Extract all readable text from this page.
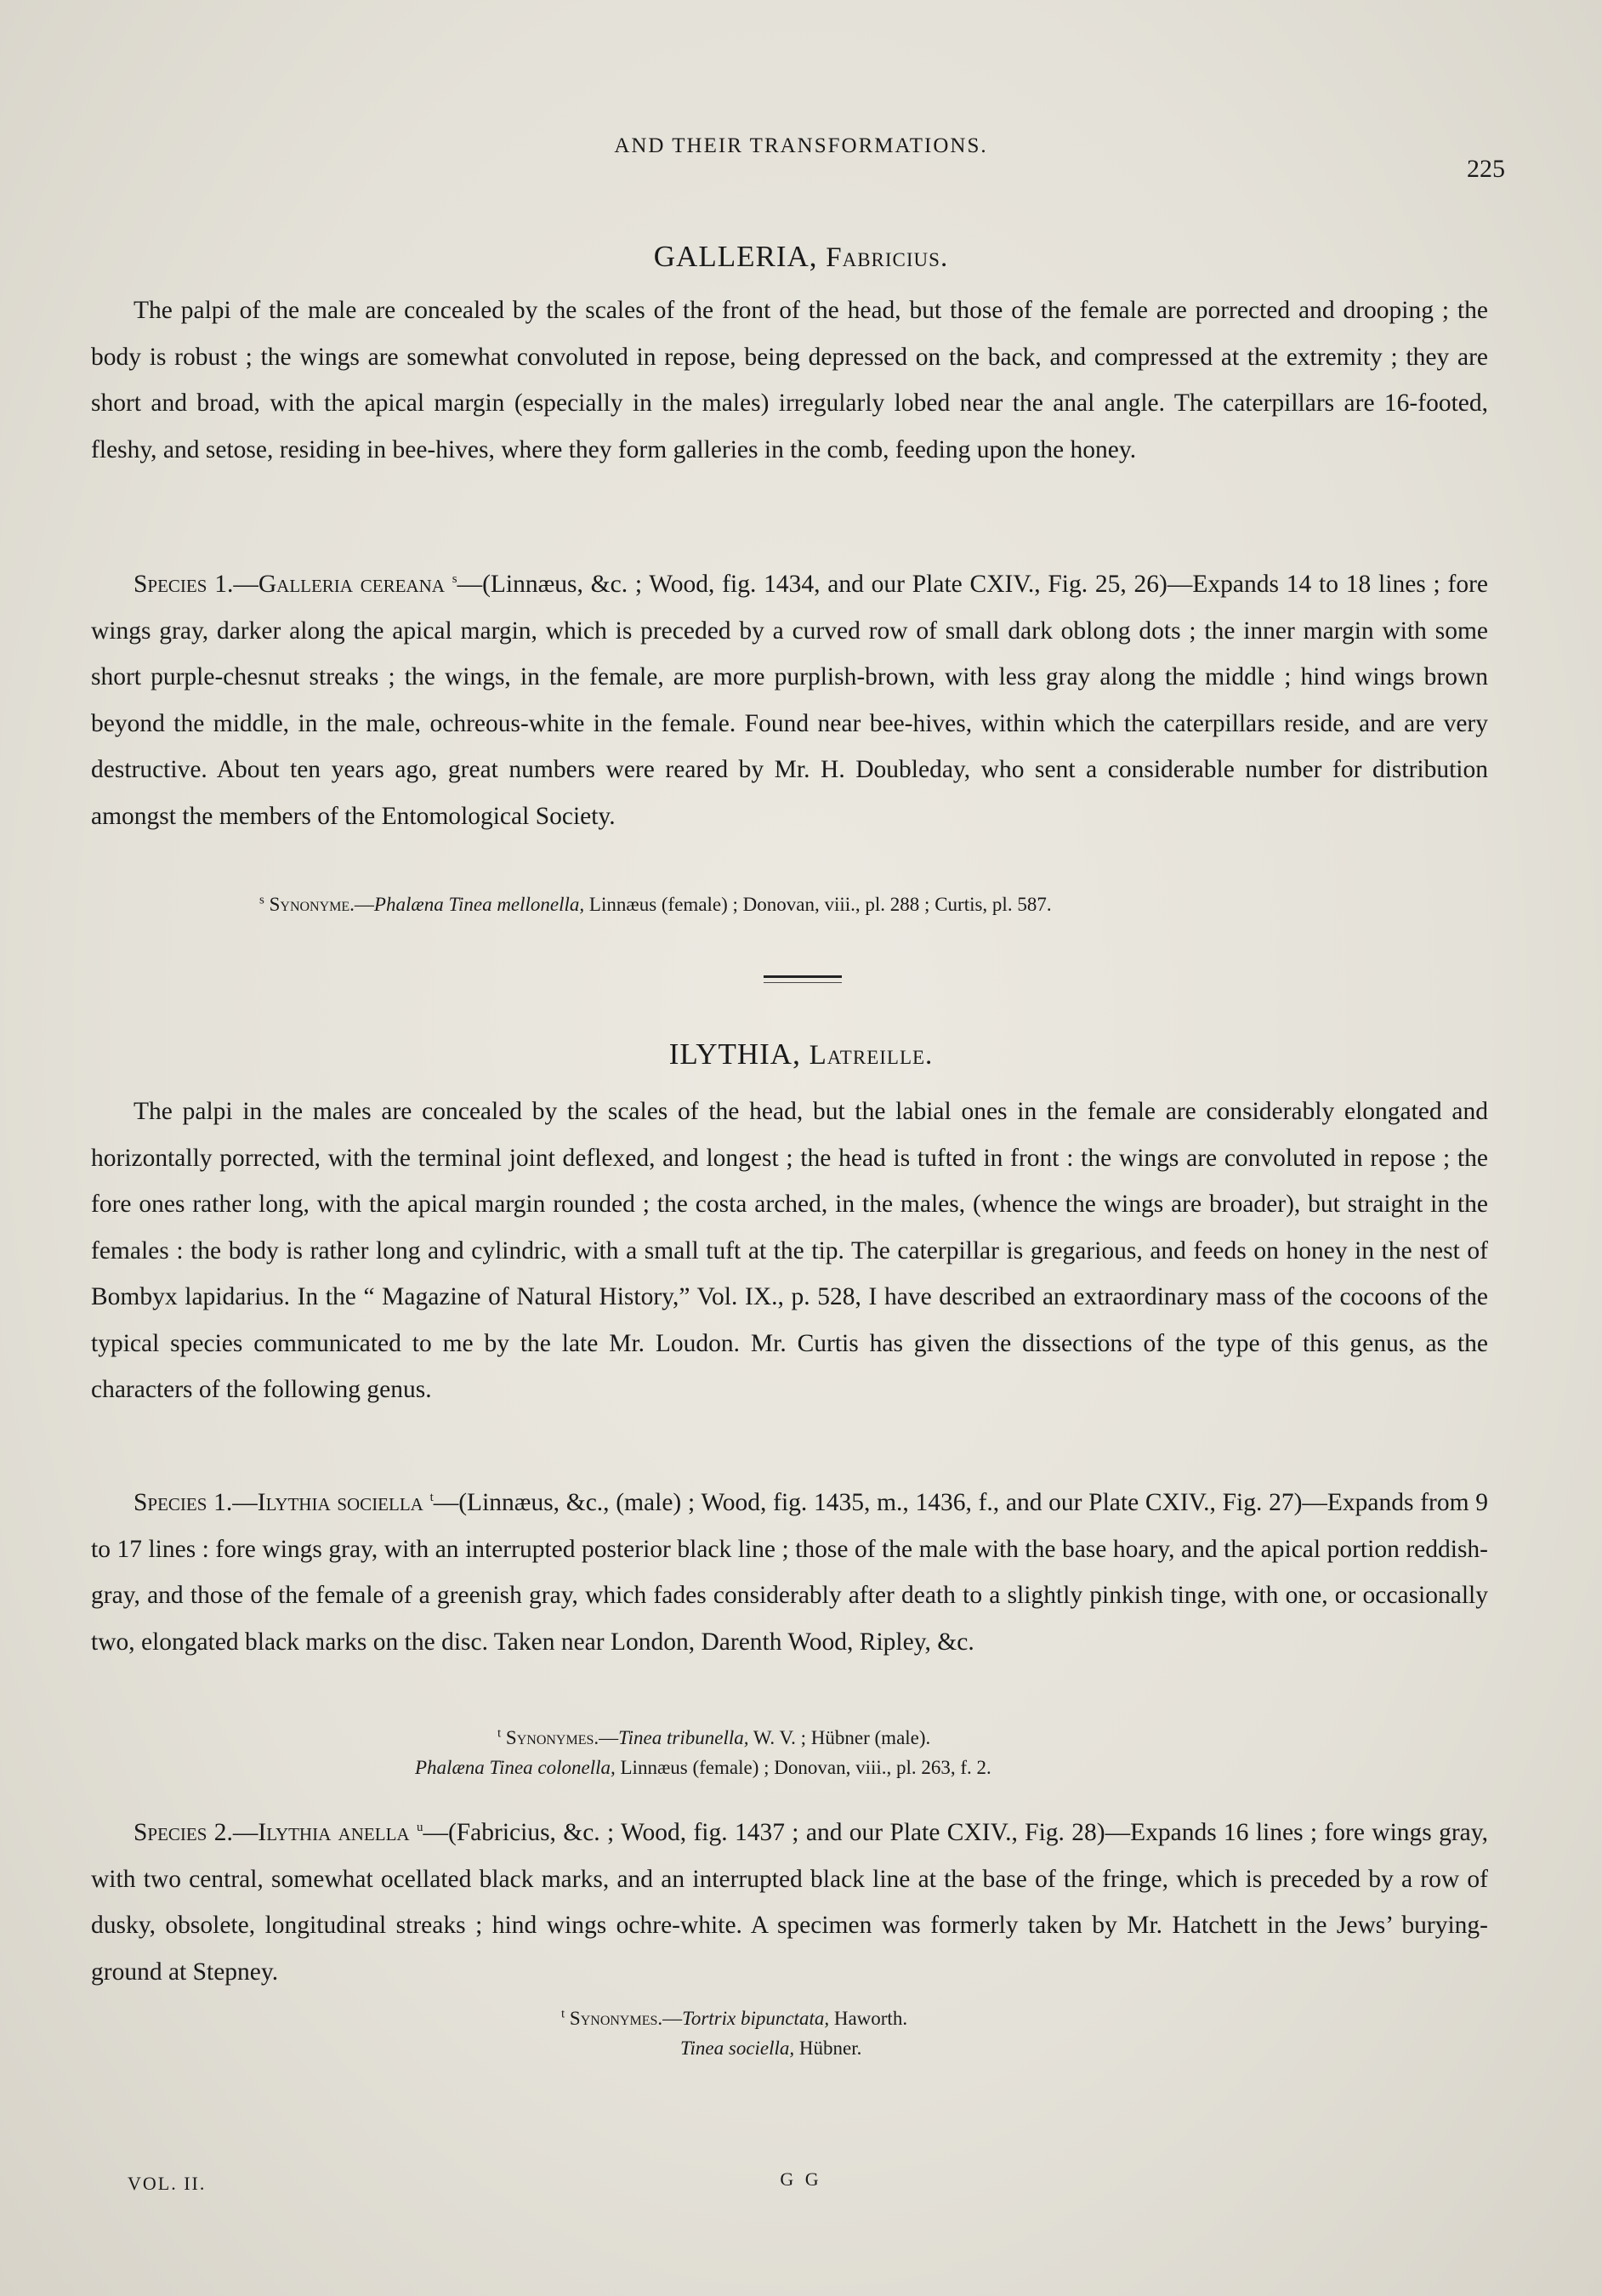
AND THEIR TRANSFORMATIONS.
225
GALLERIA, Fabricius.
The palpi of the male are concealed by the scales of the front of the head, but those of the female are porrected and drooping ; the body is robust ; the wings are somewhat convoluted in repose, being depressed on the back, and compressed at the extremity ; they are short and broad, with the apical margin (especially in the males) irregularly lobed near the anal angle. The caterpillars are 16-footed, fleshy, and setose, residing in bee-hives, where they form galleries in the comb, feeding upon the honey.
Species 1.—Galleria cereana $^s$—(Linnæus, &c. ; Wood, fig. 1434, and our Plate CXIV., Fig. 25, 26)—Expands 14 to 18 lines ; fore wings gray, darker along the apical margin, which is preceded by a curved row of small dark oblong dots ; the inner margin with some short purple-chesnut streaks ; the wings, in the female, are more purplish-brown, with less gray along the middle ; hind wings brown beyond the middle, in the male, ochreous-white in the female. Found near bee-hives, within which the caterpillars reside, and are very destructive. About ten years ago, great numbers were reared by Mr. H. Doubleday, who sent a considerable number for distribution amongst the members of the Entomological Society.
$^s$ Synonyme.—Phalæna Tinea mellonella, Linnæus (female) ; Donovan, viii., pl. 288 ; Curtis, pl. 587.
ILYTHIA, Latreille.
The palpi in the males are concealed by the scales of the head, but the labial ones in the female are considerably elongated and horizontally porrected, with the terminal joint deflexed, and longest ; the head is tufted in front : the wings are convoluted in repose ; the fore ones rather long, with the apical margin rounded ; the costa arched, in the males, (whence the wings are broader), but straight in the females : the body is rather long and cylindric, with a small tuft at the tip. The caterpillar is gregarious, and feeds on honey in the nest of Bombyx lapidarius. In the “ Magazine of Natural History,” Vol. IX., p. 528, I have described an extraordinary mass of the cocoons of the typical species communicated to me by the late Mr. Loudon. Mr. Curtis has given the dissections of the type of this genus, as the characters of the following genus.
Species 1.—Ilythia sociella $^t$—(Linnæus, &c., (male) ; Wood, fig. 1435, m., 1436, f., and our Plate CXIV., Fig. 27)—Expands from 9 to 17 lines : fore wings gray, with an interrupted posterior black line ; those of the male with the base hoary, and the apical portion reddish-gray, and those of the female of a greenish gray, which fades considerably after death to a slightly pinkish tinge, with one, or occasionally two, elongated black marks on the disc. Taken near London, Darenth Wood, Ripley, &c.
$^t$ Synonymes.—Tinea tribunella, W. V. ; Hübner (male).
Phalæna Tinea colonella, Linnæus (female) ; Donovan, viii., pl. 263, f. 2.
Species 2.—Ilythia anella $^u$—(Fabricius, &c. ; Wood, fig. 1437 ; and our Plate CXIV., Fig. 28)—Expands 16 lines ; fore wings gray, with two central, somewhat ocellated black marks, and an interrupted black line at the base of the fringe, which is preceded by a row of dusky, obsolete, longitudinal streaks ; hind wings ochre-white. A specimen was formerly taken by Mr. Hatchett in the Jews’ burying-ground at Stepney.
$^t$ Synonymes.—Tortrix bipunctata, Haworth.
Tinea sociella, Hübner.
VOL. II.	G G
